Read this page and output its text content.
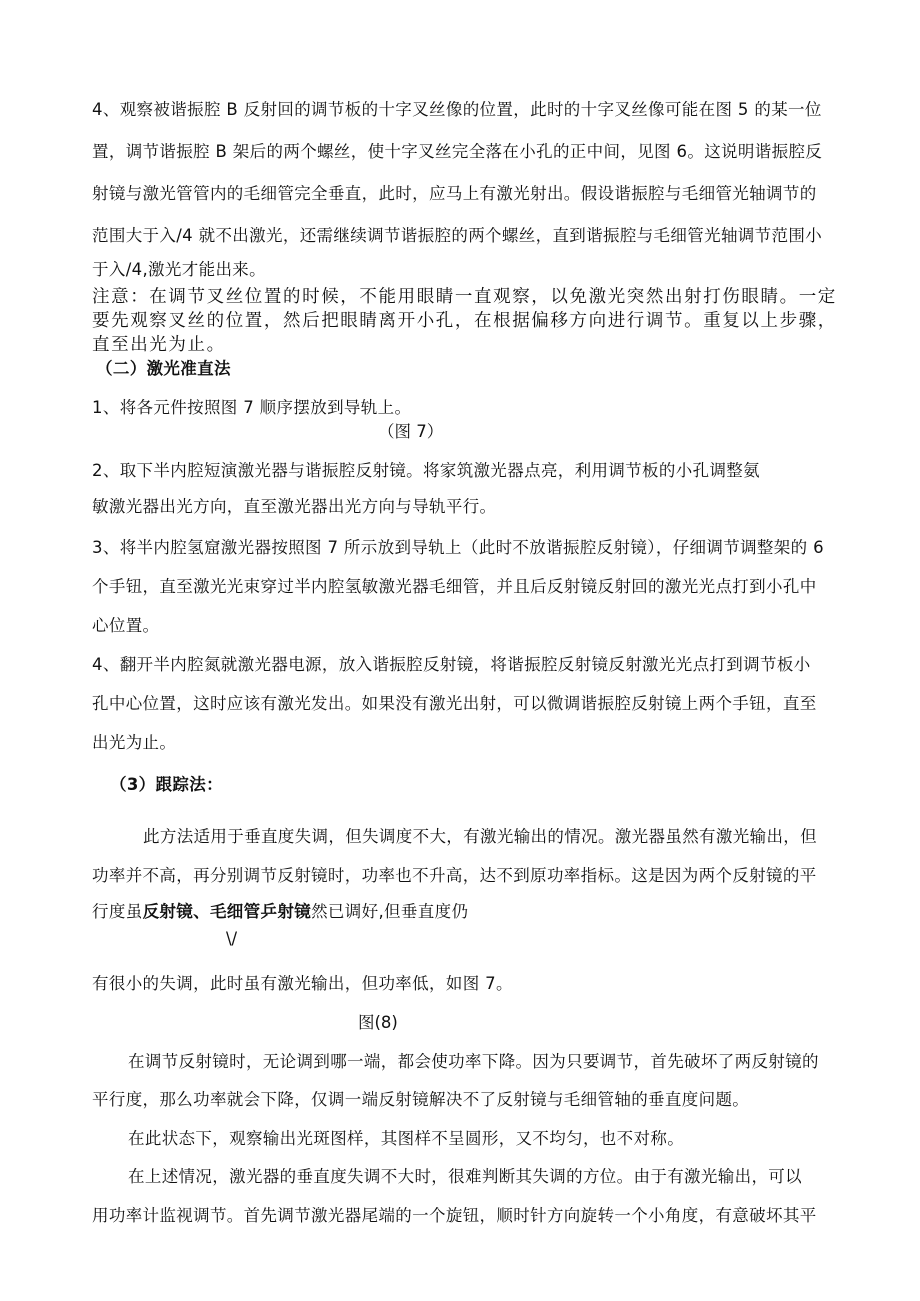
4、观察被谐振腔 B 反射回的调节板的十字叉丝像的位置，此时的十字叉丝像可能在图 5 的某一位
置，调节谐振腔 B 架后的两个螺丝，使十字叉丝完全落在小孔的正中间，见图 6。这说明谐振腔反
射镜与激光管管内的毛细管完全垂直，此时，应马上有激光射出。假设谐振腔与毛细管光轴调节的
范围大于入/4 就不出激光，还需继续调节谐振腔的两个螺丝，直到谐振腔与毛细管光轴调节范围小
于入/4,激光才能出来。
注意：在调节叉丝位置的时候，不能用眼睛一直观察，以免激光突然出射打伤眼睛。一定
要先观察叉丝的位置，然后把眼睛离开小孔，在根据偏移方向进行调节。重复以上步骤，
直至出光为止。
（二）激光准直法
1、将各元件按照图 7 顺序摆放到导轨上。
（图 7）
2、取下半内腔短演激光器与谐振腔反射镜。将家筑激光器点亮，利用调节板的小孔调整氨
敏激光器出光方向，直至激光器出光方向与导轨平行。
3、将半内腔氢窟激光器按照图 7 所示放到导轨上（此时不放谐振腔反射镜），仔细调节调整架的 6
个手钮，直至激光光束穿过半内腔氢敏激光器毛细管，并且后反射镜反射回的激光光点打到小孔中
心位置。
4、翻开半内腔氮就激光器电源，放入谐振腔反射镜，将谐振腔反射镜反射激光光点打到调节板小
孔中心位置，这时应该有激光发出。如果没有激光出射，可以微调谐振腔反射镜上两个手钮，直至
出光为止。
（3）跟踪法：
此方法适用于垂直度失调，但失调度不大，有激光输出的情况。激光器虽然有激光输出，但
功率并不高，再分别调节反射镜时，功率也不升高，达不到原功率指标。这是因为两个反射镜的平
行度虽反射镜、毛细管乒射镜然已调好,但垂直度仍
\/
有很小的失调，此时虽有激光输出，但功率低，如图 7。
图(8)
在调节反射镜时，无论调到哪一端，都会使功率下降。因为只要调节，首先破坏了两反射镜的
平行度，那么功率就会下降，仅调一端反射镜解决不了反射镜与毛细管轴的垂直度问题。
在此状态下，观察输出光斑图样，其图样不呈圆形，又不均匀，也不对称。
在上述情况，激光器的垂直度失调不大时，很难判断其失调的方位。由于有激光输出，可以
用功率计监视调节。首先调节激光器尾端的一个旋钮，顺时针方向旋转一个小角度，有意破坏其平
